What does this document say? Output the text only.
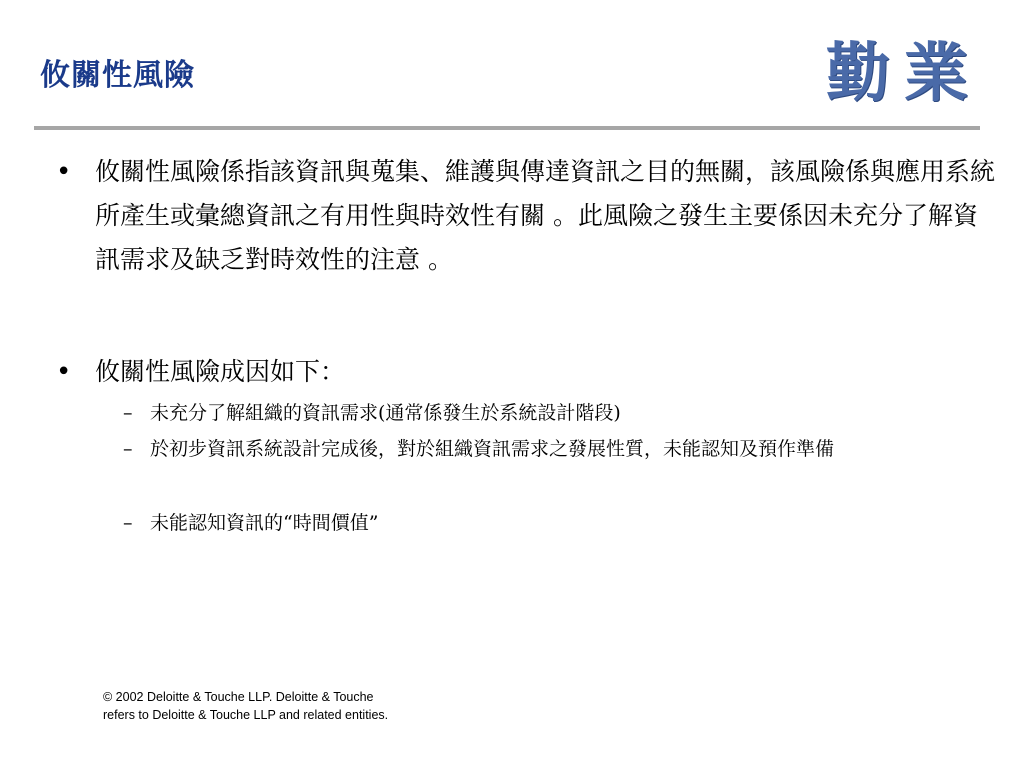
攸關性風險	勤業
• 攸關性風險係指該資訊與蒐集、維護與傳達資訊之目的無關，該風險係與應用系統所產生或彙總資訊之有用性與時效性有關 。此風險之發生主要係因未充分了解資訊需求及缺乏對時效性的注意 。
• 攸關性風險成因如下：
– 未充分了解組織的資訊需求(通常係發生於系統設計階段)
– 於初步資訊系統設計完成後，對於組織資訊需求之發展性質，未能認知及預作準備
– 未能認知資訊的“時間價值”
© 2002 Deloitte & Touche LLP. Deloitte & Touche
refers to Deloitte & Touche LLP and related entities.
